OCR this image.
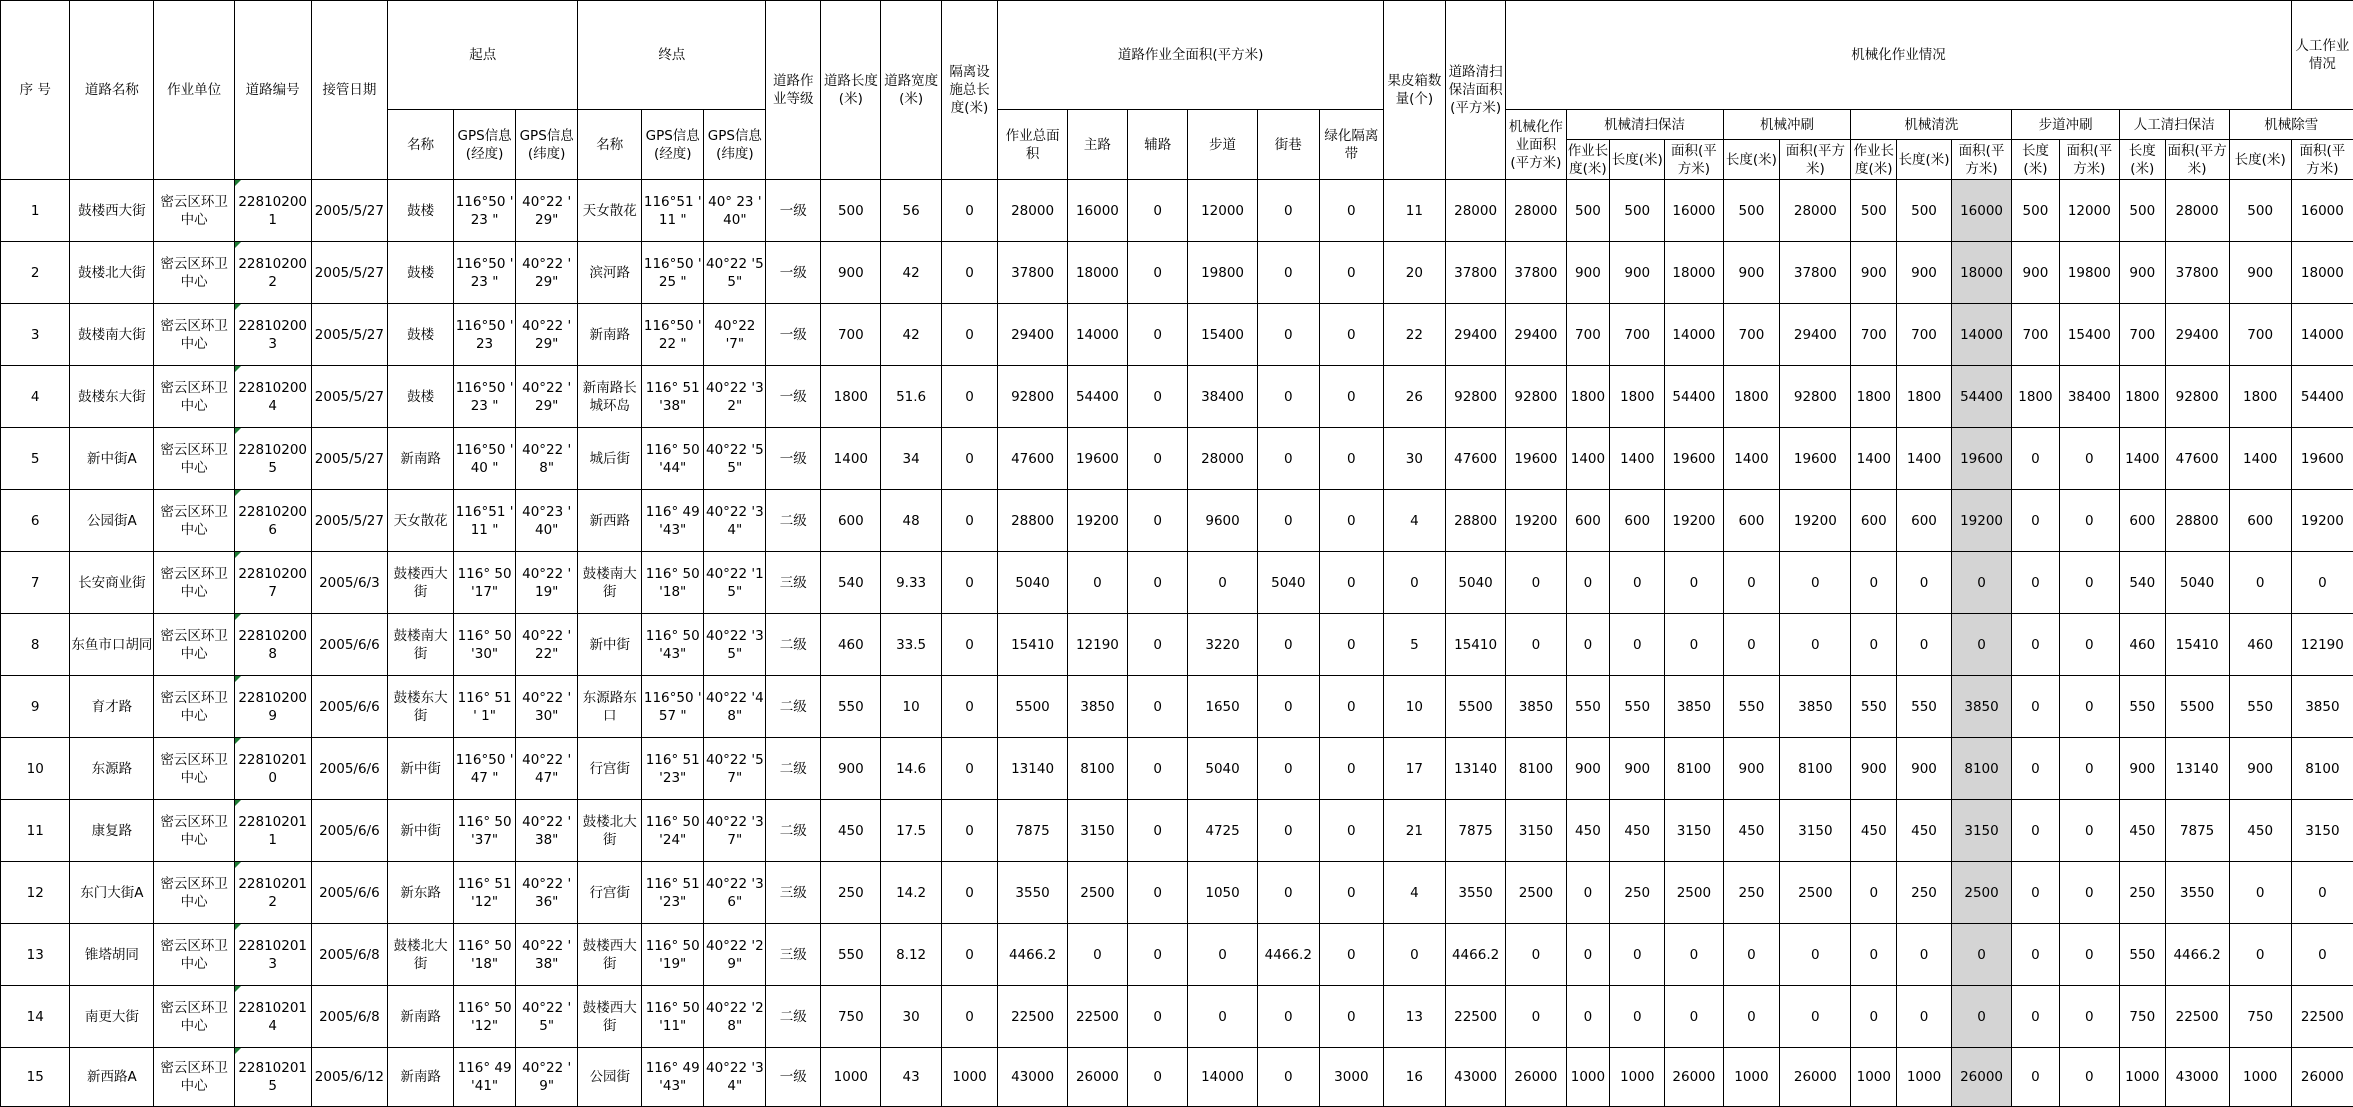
序 号	道路名称	作业单位	道路编号	接管日期	起点			终点			道路作业等级	道路长度(米)	道路宽度(米)	隔离设施总长度(米)	道路作业全面积(平方米)						果皮箱数量(个)	道路清扫保洁面积(平方米)	机械化作业情况														人工作业情况	
					名称	GPS信息(经度)	GPS信息(纬度)	名称	GPS信息(经度)	GPS信息(纬度)					作业总面积	主路	辅路	步道	街巷	绿化隔离带			机械化作业面积(平方米)	机械清扫保洁			机械冲刷		机械清洗			步道冲刷		人工清扫保洁		机械除雪		
																								作业长度(米)	长度(米)	面积(平方米)	长度(米)	面积(平方米)	作业长度(米)	长度(米)	面积(平方米)	长度(米)	面积(平方米)	长度(米)	面积(平方米)	长度(米)	面积(平方米)	
1	鼓楼西大街	密云区环卫中心	228102001	2005/5/27	鼓楼	116°50 ' 23 "	40°22 ' 29"	天女散花	116°51 ' 11 "	40° 23 ' 40"	一级	500	56	0	28000	16000	0	12000	0	0	11	28000	28000	500	500	16000	500	28000	500	500	16000	500	12000	500	28000	500	16000	
2	鼓楼北大街	密云区环卫中心	228102002	2005/5/27	鼓楼	116°50 ' 23 "	40°22 ' 29"	滨河路	116°50 ' 25 "	40°22 '55"	一级	900	42	0	37800	18000	0	19800	0	0	20	37800	37800	900	900	18000	900	37800	900	900	18000	900	19800	900	37800	900	18000	
3	鼓楼南大街	密云区环卫中心	228102003	2005/5/27	鼓楼	116°50 ' 23	40°22 ' 29"	新南路	116°50 ' 22 "	40°22 '7"	一级	700	42	0	29400	14000	0	15400	0	0	22	29400	29400	700	700	14000	700	29400	700	700	14000	700	15400	700	29400	700	14000	
4	鼓楼东大街	密云区环卫中心	228102004	2005/5/27	鼓楼	116°50 ' 23 "	40°22 ' 29"	新南路长城环岛	116° 51 '38"	40°22 '32"	一级	1800	51.6	0	92800	54400	0	38400	0	0	26	92800	92800	1800	1800	54400	1800	92800	1800	1800	54400	1800	38400	1800	92800	1800	54400	
5	新中街A	密云区环卫中心	228102005	2005/5/27	新南路	116°50 ' 40 "	40°22 ' 8"	城后街	116° 50 '44"	40°22 '55"	一级	1400	34	0	47600	19600	0	28000	0	0	30	47600	19600	1400	1400	19600	1400	19600	1400	1400	19600	0	0	1400	47600	1400	19600	
6	公园街A	密云区环卫中心	228102006	2005/5/27	天女散花	116°51 ' 11 "	40°23 ' 40"	新西路	116° 49 '43"	40°22 '34"	二级	600	48	0	28800	19200	0	9600	0	0	4	28800	19200	600	600	19200	600	19200	600	600	19200	0	0	600	28800	600	19200	
7	长安商业街	密云区环卫中心	228102007	2005/6/3	鼓楼西大街	116° 50 '17"	40°22 ' 19"	鼓楼南大街	116° 50 '18"	40°22 '15"	三级	540	9.33	0	5040	0	0	0	5040	0	0	5040	0	0	0	0	0	0	0	0	0	0	0	540	5040	0	0	
8	东鱼市口胡同	密云区环卫中心	228102008	2005/6/6	鼓楼南大街	116° 50 '30"	40°22 ' 22"	新中街	116° 50 '43"	40°22 '35"	二级	460	33.5	0	15410	12190	0	3220	0	0	5	15410	0	0	0	0	0	0	0	0	0	0	0	460	15410	460	12190	
9	育才路	密云区环卫中心	228102009	2005/6/6	鼓楼东大街	116° 51 ' 1"	40°22 ' 30"	东源路东口	116°50 ' 57 "	40°22 '48"	二级	550	10	0	5500	3850	0	1650	0	0	10	5500	3850	550	550	3850	550	3850	550	550	3850	0	0	550	5500	550	3850	
10	东源路	密云区环卫中心	228102010	2005/6/6	新中街	116°50 ' 47 "	40°22 ' 47"	行宫街	116° 51 '23"	40°22 '57"	二级	900	14.6	0	13140	8100	0	5040	0	0	17	13140	8100	900	900	8100	900	8100	900	900	8100	0	0	900	13140	900	8100	
11	康复路	密云区环卫中心	228102011	2005/6/6	新中街	116° 50 '37"	40°22 ' 38"	鼓楼北大街	116° 50 '24"	40°22 '37"	二级	450	17.5	0	7875	3150	0	4725	0	0	21	7875	3150	450	450	3150	450	3150	450	450	3150	0	0	450	7875	450	3150	
12	东门大街A	密云区环卫中心	228102012	2005/6/6	新东路	116° 51 '12"	40°22 ' 36"	行宫街	116° 51 '23"	40°22 '36"	三级	250	14.2	0	3550	2500	0	1050	0	0	4	3550	2500	0	250	2500	250	2500	0	250	2500	0	0	250	3550	0	0	
13	锥塔胡同	密云区环卫中心	228102013	2005/6/8	鼓楼北大街	116° 50 '18"	40°22 ' 38"	鼓楼西大街	116° 50 '19"	40°22 '29"	三级	550	8.12	0	4466.2	0	0	0	4466.2	0	0	4466.2	0	0	0	0	0	0	0	0	0	0	0	550	4466.2	0	0	
14	南更大街	密云区环卫中心	228102014	2005/6/8	新南路	116° 50 '12"	40°22 ' 5"	鼓楼西大街	116° 50 '11"	40°22 '28"	二级	750	30	0	22500	22500	0	0	0	0	13	22500	0	0	0	0	0	0	0	0	0	0	0	750	22500	750	22500	
15	新西路A	密云区环卫中心	228102015	2005/6/12	新南路	116° 49 '41"	40°22 ' 9"	公园街	116° 49 '43"	40°22 '34"	一级	1000	43	1000	43000	26000	0	14000	0	3000	16	43000	26000	1000	1000	26000	1000	26000	1000	1000	26000	0	0	1000	43000	1000	26000	
